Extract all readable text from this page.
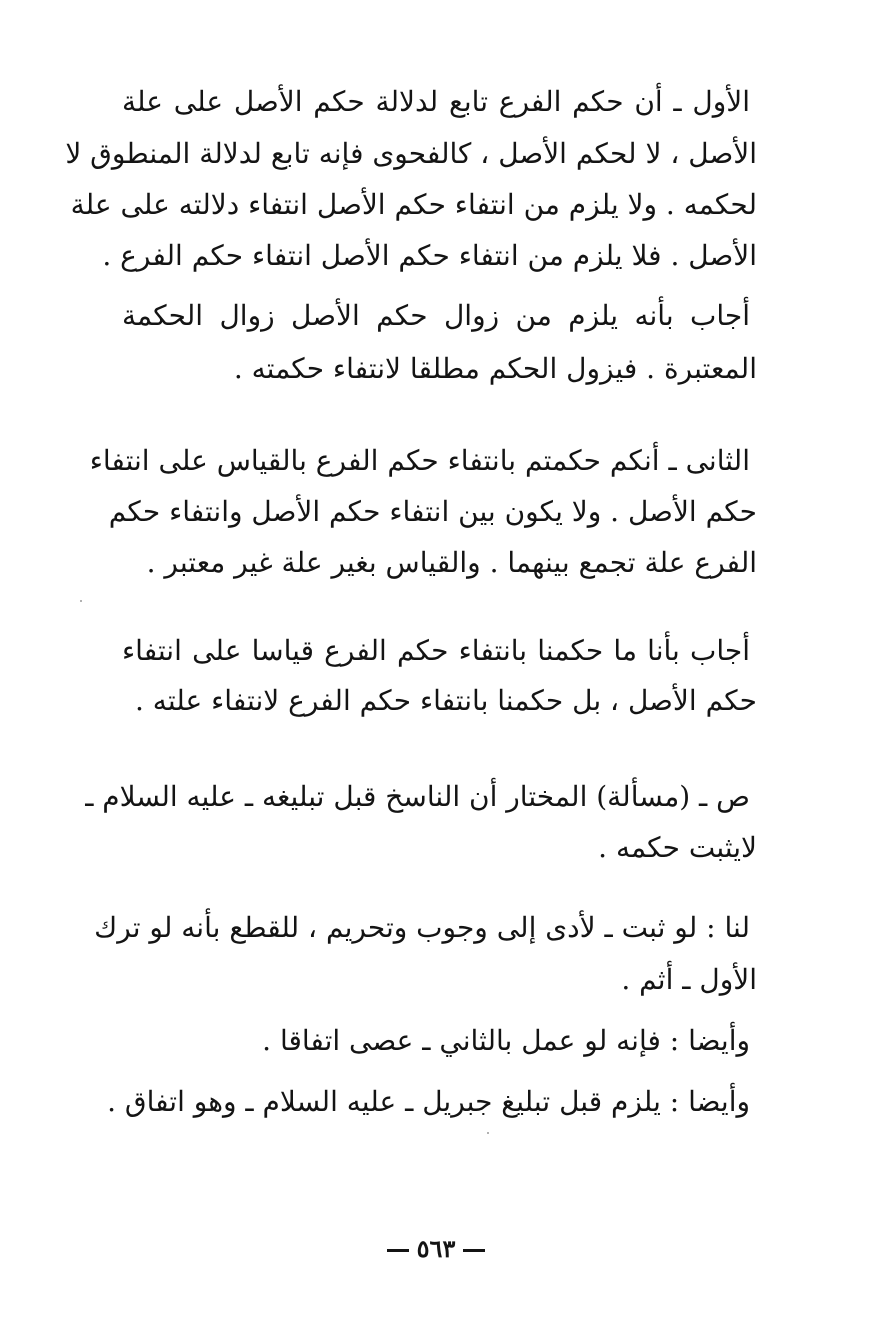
الأول ـ أن حكم الفرع تابع لدلالة حكم الأصل على علة
الأصل ، لا لحكم الأصل ، كالفحوى فإنه تابع لدلالة المنطوق لا
لحكمه . ولا يلزم من انتفاء حكم الأصل انتفاء دلالته على علة
الأصل . فلا يلزم من انتفاء حكم الأصل انتفاء حكم الفرع .
أجاب بأنه يلزم من زوال حكم الأصل زوال الحكمة
المعتبرة . فيزول الحكم مطلقا لانتفاء حكمته .
الثانى ـ أنكم حكمتم بانتفاء حكم الفرع بالقياس على انتفاء
حكم الأصل . ولا يكون بين انتفاء حكم الأصل وانتفاء حكم
الفرع علة تجمع بينهما . والقياس بغير علة غير معتبر .
أجاب بأنا ما حكمنا بانتفاء حكم الفرع قياسا على انتفاء
حكم الأصل ، بل حكمنا بانتفاء حكم الفرع لانتفاء علته .
ص ـ (مسألة) المختار أن الناسخ قبل تبليغه ـ عليه السلام ـ
لايثبت حكمه .
لنا : لو ثبت ـ لأدى إلى وجوب وتحريم ، للقطع بأنه لو ترك
الأول ـ أثم .
وأيضا : فإنه لو عمل بالثاني ـ عصى اتفاقا .
وأيضا : يلزم قبل تبليغ جبريل ـ عليه السلام ـ وهو اتفاق .
٥٦٣
